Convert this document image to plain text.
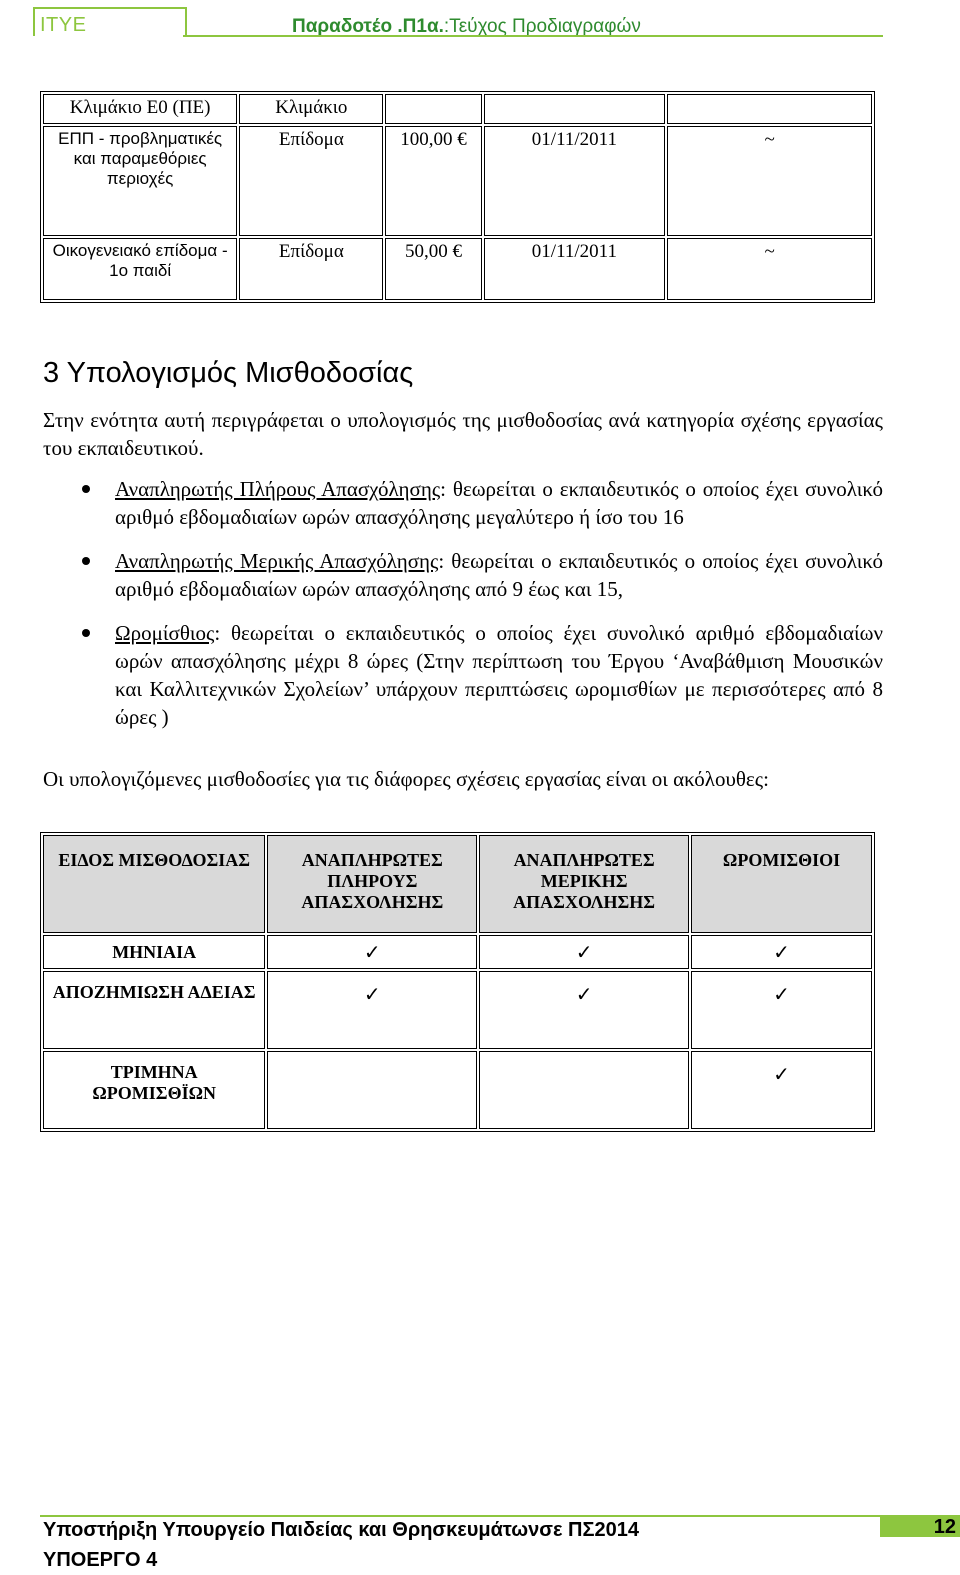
ITYE	Παραδοτέο .Π1α.:Τεύχος Προδιαγραφών
Κλιμάκιο Ε0 (ΠΕ)	Κλιμάκιο			
ΕΠΠ - προβληματικές και παραμεθόριες περιοχές	Επίδομα	100,00 €	01/11/2011	~
Οικογενειακό επίδομα - 1ο παιδί	Επίδομα	50,00 €	01/11/2011	~
3 Υπολογισμός Μισθοδοσίας
Στην ενότητα αυτή περιγράφεται ο υπολογισμός της μισθοδοσίας ανά κατηγορία σχέσης εργασίας του εκπαιδευτικού.
Αναπληρωτής Πλήρους Απασχόλησης: θεωρείται ο εκπαιδευτικός ο οποίος έχει συνολικό αριθμό εβδομαδιαίων ωρών απασχόλησης μεγαλύτερο ή ίσο του 16
Αναπληρωτής Μερικής Απασχόλησης: θεωρείται ο εκπαιδευτικός ο οποίος έχει συνολικό αριθμό εβδομαδιαίων ωρών απασχόλησης από 9 έως και 15,
Ωρομίσθιος: θεωρείται ο εκπαιδευτικός ο οποίος έχει συνολικό αριθμό εβδομαδιαίων ωρών απασχόλησης μέχρι 8 ώρες (Στην περίπτωση του Έργου ‘Αναβάθμιση Μουσικών και Καλλιτεχνικών Σχολείων’ υπάρχουν περιπτώσεις ωρομισθίων με περισσότερες από 8 ώρες )
Οι υπολογιζόμενες μισθοδοσίες για τις διάφορες σχέσεις εργασίας είναι οι ακόλουθες:
ΕΙΔΟΣ ΜΙΣΘΟΔΟΣΙΑΣ	ΑΝΑΠΛΗΡΩΤΕΣ ΠΛΗΡΟΥΣ ΑΠΑΣΧΟΛΗΣΗΣ	ΑΝΑΠΛΗΡΩΤΕΣ ΜΕΡΙΚΗΣ ΑΠΑΣΧΟΛΗΣΗΣ	ΩΡΟΜΙΣΘΙΟΙ
ΜΗΝΙΑΙΑ	✓	✓	✓
ΑΠΟΖΗΜΙΩΣΗ ΑΔΕΙΑΣ	✓	✓	✓
ΤΡΙΜΗΝΑ ΩΡΟΜΙΣΘΪΩΝ			✓
Υποστήριξη Υπουργείο Παιδείας και Θρησκευμάτωνσε ΠΣ2014
ΥΠΟΕΡΓΟ 4
12
